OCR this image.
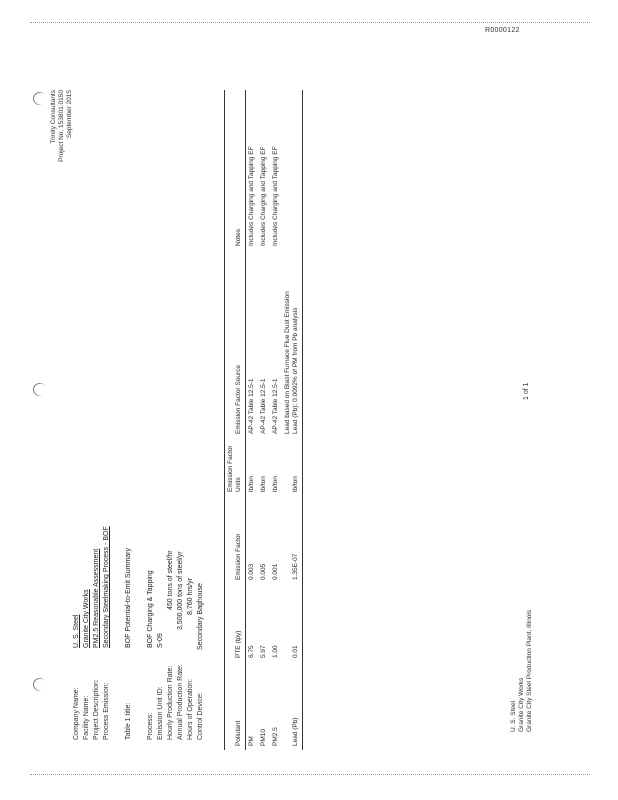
R0000122
Company Name:
U. S. Steel
Facility Name:
Granite City Works
Project Description:
PM2.5 Reasonable Assessment
Process Emission:
Secondary Steelmaking Process - BOF
Table 1 title:
BOF Potential-to-Emit Summary
Process:
BOF Charging & Tapping
Emission Unit ID:
S-09
Hourly Production Rate:
450 tons of steel/hr
Annual Production Rate:
3,500,000 tons of steel/yr
Hours of Operation:
8,760 hrs/yr
Control Device:
Secondary Baghouse
Pollutant	PTE (tpy)	Emission Factor	Emission Factor Units	Emission Factor Source	Notes
PM	6.75	0.003	lb/ton	AP-42 Table 12.5-1	Includes Charging and Tapping EF
PM10	5.97	0.005	lb/ton	AP-42 Table 12.5-1	Includes Charging and Tapping EF
PM2.5	1.00	0.001	lb/ton	AP-42 Table 12.5-1	Includes Charging and Tapping EF
Lead (Pb)	0.01	1.35E-07	lb/ton	Lead based on Blast Furnace Flue Dust Emission Lead (Pb): 0.0092% of PM from Pb analysis	

U. S. Steel Granite City Works Granite City Steel Production Plant, Illinois
1 of 1
Trinity Consultants Project No. 153801.0150 September 2015
